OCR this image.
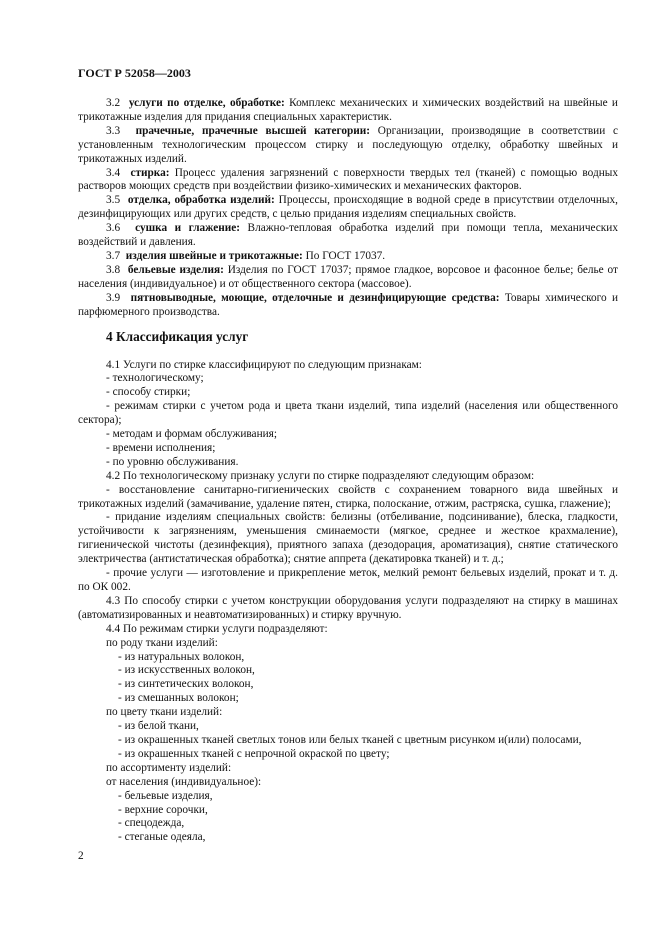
ГОСТ Р 52058—2003

3.2 услуги по отделке, обработке: Комплекс механических и химических воздействий на швейные и трикотажные изделия для придания специальных характеристик.

3.3 прачечные, прачечные высшей категории: Организации, производящие в соответствии с установленным технологическим процессом стирку и последующую отделку, обработку швейных и трикотажных изделий.

3.4 стирка: Процесс удаления загрязнений с поверхности твердых тел (тканей) с помощью водных растворов моющих средств при воздействии физико-химических и механических факторов.

3.5 отделка, обработка изделий: Процессы, происходящие в водной среде в присутствии отделочных, дезинфицирующих или других средств, с целью придания изделиям специальных свойств.

3.6 сушка и глажение: Влажно-тепловая обработка изделий при помощи тепла, механических воздействий и давления.

3.7 изделия швейные и трикотажные: По ГОСТ 17037.

3.8 бельевые изделия: Изделия по ГОСТ 17037; прямое гладкое, ворсовое и фасонное белье; белье от населения (индивидуальное) и от общественного сектора (массовое).

3.9 пятновыводные, моющие, отделочные и дезинфицирующие средства: Товары химического и парфюмерного производства.

4 Классификация услуг

4.1 Услуги по стирке классифицируют по следующим признакам:

- технологическому;

- способу стирки;

- режимам стирки с учетом рода и цвета ткани изделий, типа изделий (населения или общественного сектора);

- методам и формам обслуживания;

- времени исполнения;

- по уровню обслуживания.

4.2 По технологическому признаку услуги по стирке подразделяют следующим образом:

- восстановление санитарно-гигиенических свойств с сохранением товарного вида швейных и трикотажных изделий (замачивание, удаление пятен, стирка, полоскание, отжим, растряска, сушка, глажение);

- придание изделиям специальных свойств: белизны (отбеливание, подсинивание), блеска, гладкости, устойчивости к загрязнениям, уменьшения сминаемости (мягкое, среднее и жесткое крахмаление), гигиенической чистоты (дезинфекция), приятного запаха (дезодорация, ароматизация), снятие статического электричества (антистатическая обработка); снятие аппрета (декатировка тканей) и т. д.;

- прочие услуги — изготовление и прикрепление меток, мелкий ремонт бельевых изделий, прокат и т. д. по ОК 002.

4.3 По способу стирки с учетом конструкции оборудования услуги подразделяют на стирку в машинах (автоматизированных и неавтоматизированных) и стирку вручную.

4.4 По режимам стирки услуги подразделяют:

по роду ткани изделий:

- из натуральных волокон,

- из искусственных волокон,

- из синтетических волокон,

- из смешанных волокон;

по цвету ткани изделий:

- из белой ткани,

- из окрашенных тканей светлых тонов или белых тканей с цветным рисунком и(или) полосами,

- из окрашенных тканей с непрочной окраской по цвету;

по ассортименту изделий:

от населения (индивидуальное):

- бельевые изделия,

- верхние сорочки,

- спецодежда,

- стеганые одеяла,

2
